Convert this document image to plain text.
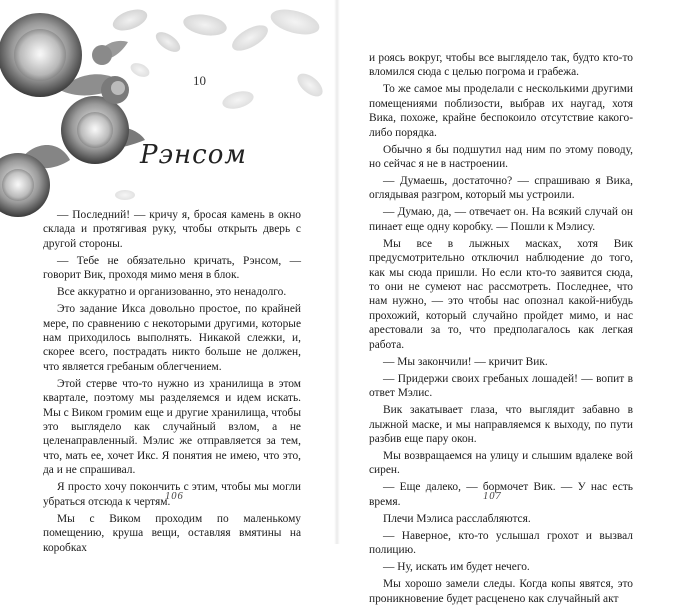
10
Рэнсом

— Последний! — кричу я, бросая камень в окно склада и протягивая руку, чтобы открыть дверь с другой стороны.

— Тебе не обязательно кричать, Рэнсом, — говорит Вик, проходя мимо меня в блок.

Все аккуратно и организованно, это ненадолго.

Это задание Икса довольно простое, по крайней мере, по сравнению с некоторыми другими, которые нам приходилось выполнять. Никакой слежки, и, скорее всего, пострадать никто больше не должен, что является гребаным облегчением.

Этой стерве что-то нужно из хранилища в этом квартале, поэтому мы разделяемся и идем искать. Мы с Виком громим еще и другие хранилища, чтобы это выглядело как случайный взлом, а не целенаправленный. Мэлис же отправляется за тем, что, мать ее, хочет Икс. Я понятия не имею, что это, да и не спрашивал.

Я просто хочу покончить с этим, чтобы мы могли убраться отсюда к чертям.

Мы с Виком проходим по маленькому помещению, круша вещи, оставляя вмятины на коробках

106

и роясь вокруг, чтобы все выглядело так, будто кто-то вломился сюда с целью погрома и грабежа.

То же самое мы проделали с несколькими другими помещениями поблизости, выбрав их наугад, хотя Вика, похоже, крайне беспокоило отсутствие какого-либо порядка.

Обычно я бы подшутил над ним по этому поводу, но сейчас я не в настроении.

— Думаешь, достаточно? — спрашиваю я Вика, оглядывая разгром, который мы устроили.

— Думаю, да, — отвечает он. На всякий случай он пинает еще одну коробку. — Пошли к Мэлису.

Мы все в лыжных масках, хотя Вик предусмотрительно отключил наблюдение до того, как мы сюда пришли. Но если кто-то заявится сюда, то они не сумеют нас рассмотреть. Последнее, что нам нужно, — это чтобы нас опознал какой-нибудь прохожий, который случайно пройдет мимо, и нас арестовали за то, что предполагалось как легкая работа.

— Мы закончили! — кричит Вик.

— Придержи своих гребаных лошадей! — вопит в ответ Мэлис.

Вик закатывает глаза, что выглядит забавно в лыжной маске, и мы направляемся к выходу, по пути разбив еще пару окон.

Мы возвращаемся на улицу и слышим вдалеке вой сирен.

— Еще далеко, — бормочет Вик. — У нас есть время.

Плечи Мэлиса расслабляются.

— Наверное, кто-то услышал грохот и вызвал полицию.

— Ну, искать им будет нечего.

Мы хорошо замели следы. Когда копы явятся, это проникновение будет расценено как случайный акт

107
